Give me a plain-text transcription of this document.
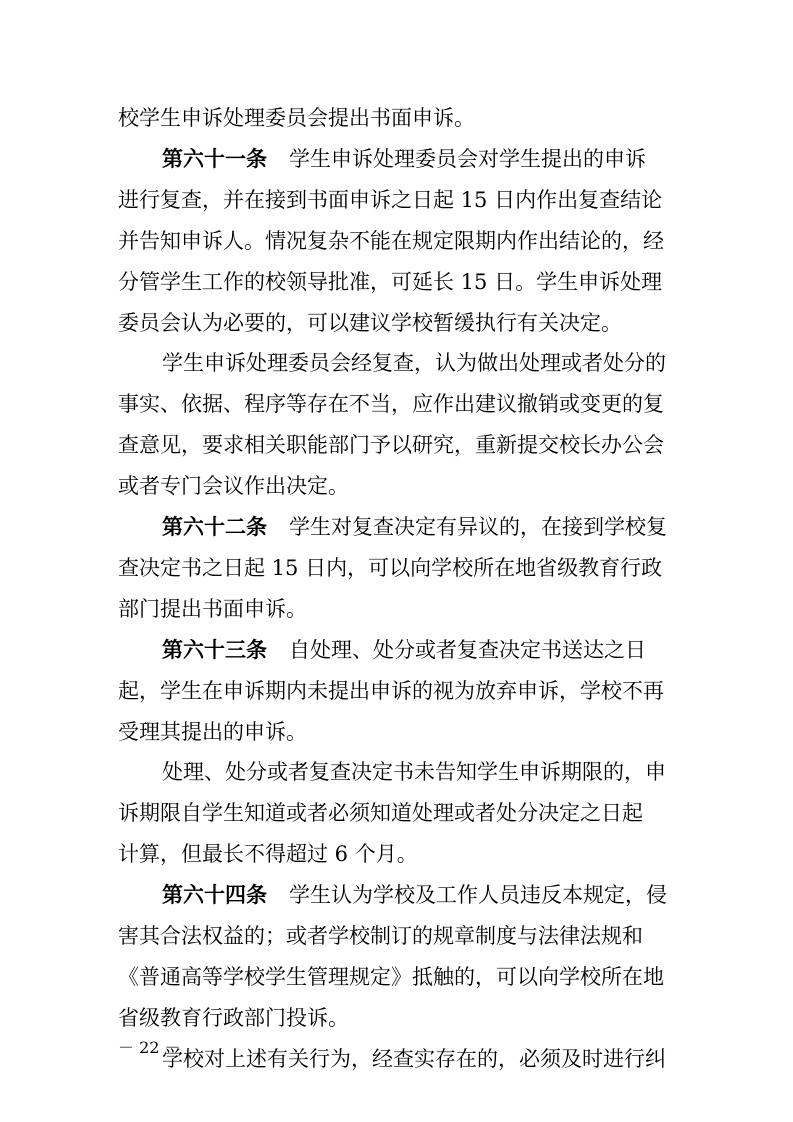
校学生申诉处理委员会提出书面申诉。
第六十一条 学生申诉处理委员会对学生提出的申诉
进行复查，并在接到书面申诉之日起 15 日内作出复查结论
并告知申诉人。情况复杂不能在规定限期内作出结论的，经
分管学生工作的校领导批准，可延长 15 日。学生申诉处理
委员会认为必要的，可以建议学校暂缓执行有关决定。
学生申诉处理委员会经复查，认为做出处理或者处分的
事实、依据、程序等存在不当，应作出建议撤销或变更的复
查意见，要求相关职能部门予以研究，重新提交校长办公会
或者专门会议作出决定。
第六十二条 学生对复查决定有异议的，在接到学校复
查决定书之日起 15 日内，可以向学校所在地省级教育行政
部门提出书面申诉。
第六十三条 自处理、处分或者复查决定书送达之日
起，学生在申诉期内未提出申诉的视为放弃申诉，学校不再
受理其提出的申诉。
处理、处分或者复查决定书未告知学生申诉期限的，申
诉期限自学生知道或者必须知道处理或者处分决定之日起
计算，但最长不得超过 6 个月。
第六十四条 学生认为学校及工作人员违反本规定，侵
害其合法权益的；或者学校制订的规章制度与法律法规和
《普通高等学校学生管理规定》抵触的，可以向学校所在地
省级教育行政部门投诉。
学校对上述有关行为，经查实存在的，必须及时进行纠
－ 22 －
